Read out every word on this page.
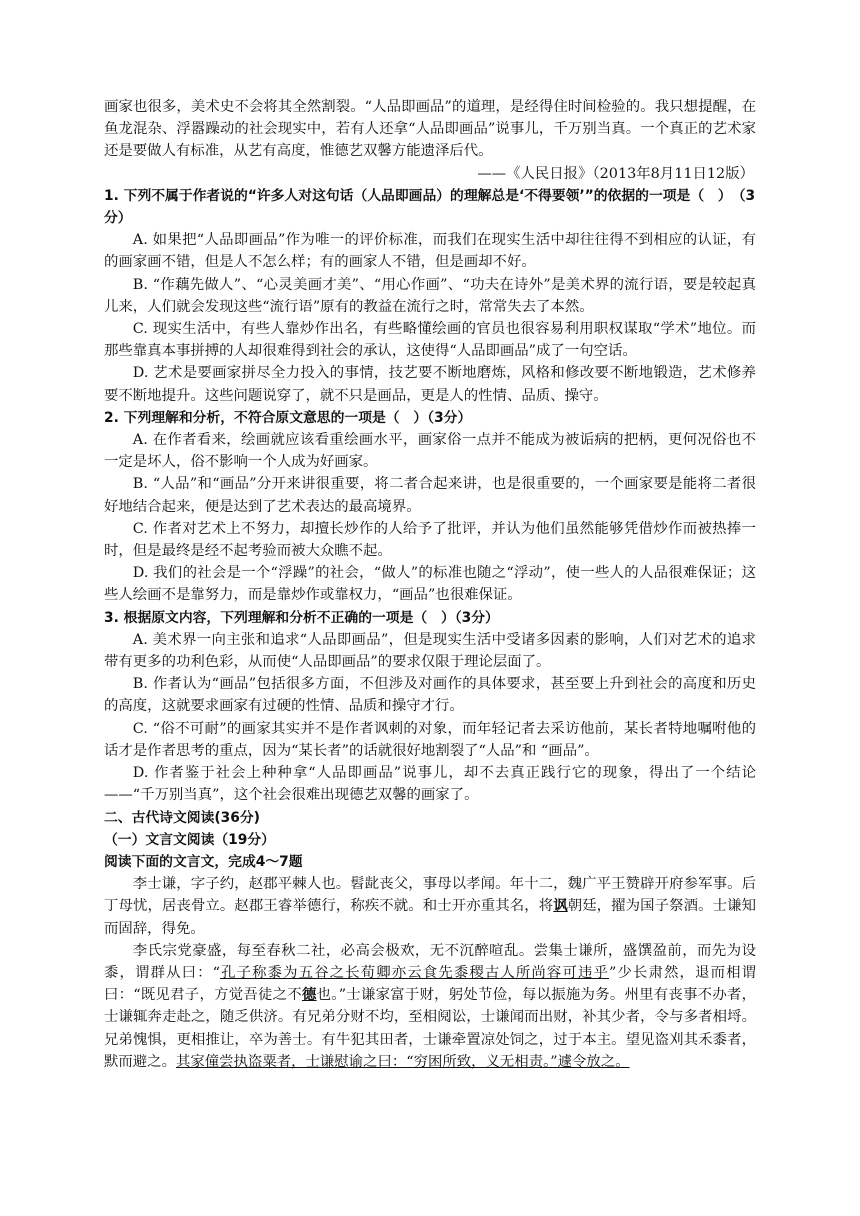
画家也很多，美术史不会将其全然割裂。“人品即画品”的道理，是经得住时间检验的。我只想提醒，在鱼龙混杂、浮嚣躁动的社会现实中，若有人还拿“人品即画品”说事儿，千万别当真。一个真正的艺术家还是要做人有标准，从艺有高度，惟德艺双馨方能遗泽后代。

——《人民日报》（2013年8月11日12版）

1. 下列不属于作者说的“许多人对这句话（人品即画品）的理解总是‘不得要领’”的依据的一项是（　）　（3分）

A. 如果把“人品即画品”作为唯一的评价标准，而我们在现实生活中却往往得不到相应的认证，有的画家画不错，但是人不怎么样；有的画家人不错，但是画却不好。

B. “作藕先做人”、“心灵美画才美”、“用心作画”、“功夫在诗外”是美术界的流行语，要是较起真儿来，人们就会发现这些“流行语”原有的教益在流行之时，常常失去了本然。

C. 现实生活中，有些人靠炒作出名，有些略懂绘画的官员也很容易利用职权谋取“学术”地位。而那些靠真本事拼搏的人却很难得到社会的承认，这使得“人品即画品”成了一句空话。

D. 艺术是要画家拼尽全力投入的事情，技艺要不断地磨炼，风格和修改要不断地锻造，艺术修养要不断地提升。这些问题说穿了，就不只是画品，更是人的性情、品质、操守。

2. 下列理解和分析，不符合原文意思的一项是（　）（3分）

A. 在作者看来，绘画就应该看重绘画水平，画家俗一点并不能成为被诟病的把柄，更何况俗也不一定是坏人，俗不影响一个人成为好画家。

B. “人品”和“画品”分开来讲很重要，将二者合起来讲，也是很重要的，一个画家要是能将二者很好地结合起来，便是达到了艺术表达的最高境界。

C. 作者对艺术上不努力，却擅长炒作的人给予了批评，并认为他们虽然能够凭借炒作而被热捧一时，但是最终是经不起考验而被大众瞧不起。

D. 我们的社会是一个“浮躁”的社会，“做人”的标准也随之“浮动”，使一些人的人品很难保证；这些人绘画不是靠努力，而是靠炒作或靠权力，“画品”也很难保证。

3. 根据原文内容，下列理解和分析不正确的一项是（　）（3分）

A. 美术界一向主张和追求“人品即画品”，但是现实生活中受诸多因素的影响，人们对艺术的追求带有更多的功利色彩，从而使“人品即画品”的要求仅限于理论层面了。

B. 作者认为“画品”包括很多方面，不但涉及对画作的具体要求，甚至要上升到社会的高度和历史的高度，这就要求画家有过硬的性情、品质和操守才行。

C. “俗不可耐”的画家其实并不是作者讽刺的对象，而年轻记者去采访他前，某长者特地嘱咐他的话才是作者思考的重点，因为“某长者”的话就很好地割裂了“人品”和 “画品”。

D. 作者鉴于社会上种种拿“人品即画品”说事儿，却不去真正践行它的现象，得出了一个结论——“千万别当真”，这个社会很难出现德艺双馨的画家了。

二、古代诗文阅读(36分)

（一）文言文阅读（19分）

阅读下面的文言文，完成4～7题

李士谦，字子约，赵郡平棘人也。髫龀丧父，事母以孝闻。年十二，魏广平王赞辟开府参军事。后丁母忧，居丧骨立。赵郡王睿举德行，称疾不就。和士开亦重其名，将讽朝廷，擢为国子祭酒。士谦知而固辞，得免。

李氏宗党豪盛，每至春秋二社，必高会极欢，无不沉醉喧乱。尝集士谦所，盛馔盈前，而先为设黍，谓群从曰：“孔子称黍为五谷之长荀卿亦云食先黍稷古人所尚容可违乎”少长肃然，退而相谓曰：“既见君子，方觉吾徒之不德也。”士谦家富于财，躬处节俭，每以振施为务。州里有丧事不办者，士谦辄奔走赴之，随乏供济。有兄弟分财不均，至相阋讼，士谦闻而出财，补其少者，令与多者相埒。兄弟愧惧，更相推让，卒为善士。有牛犯其田者，士谦牵置凉处饲之，过于本主。望见盗刈其禾黍者，默而避之。其家僮尝执盗粟者，士谦慰谕之曰：“穷困所致，义无相责。”遽令放之。
